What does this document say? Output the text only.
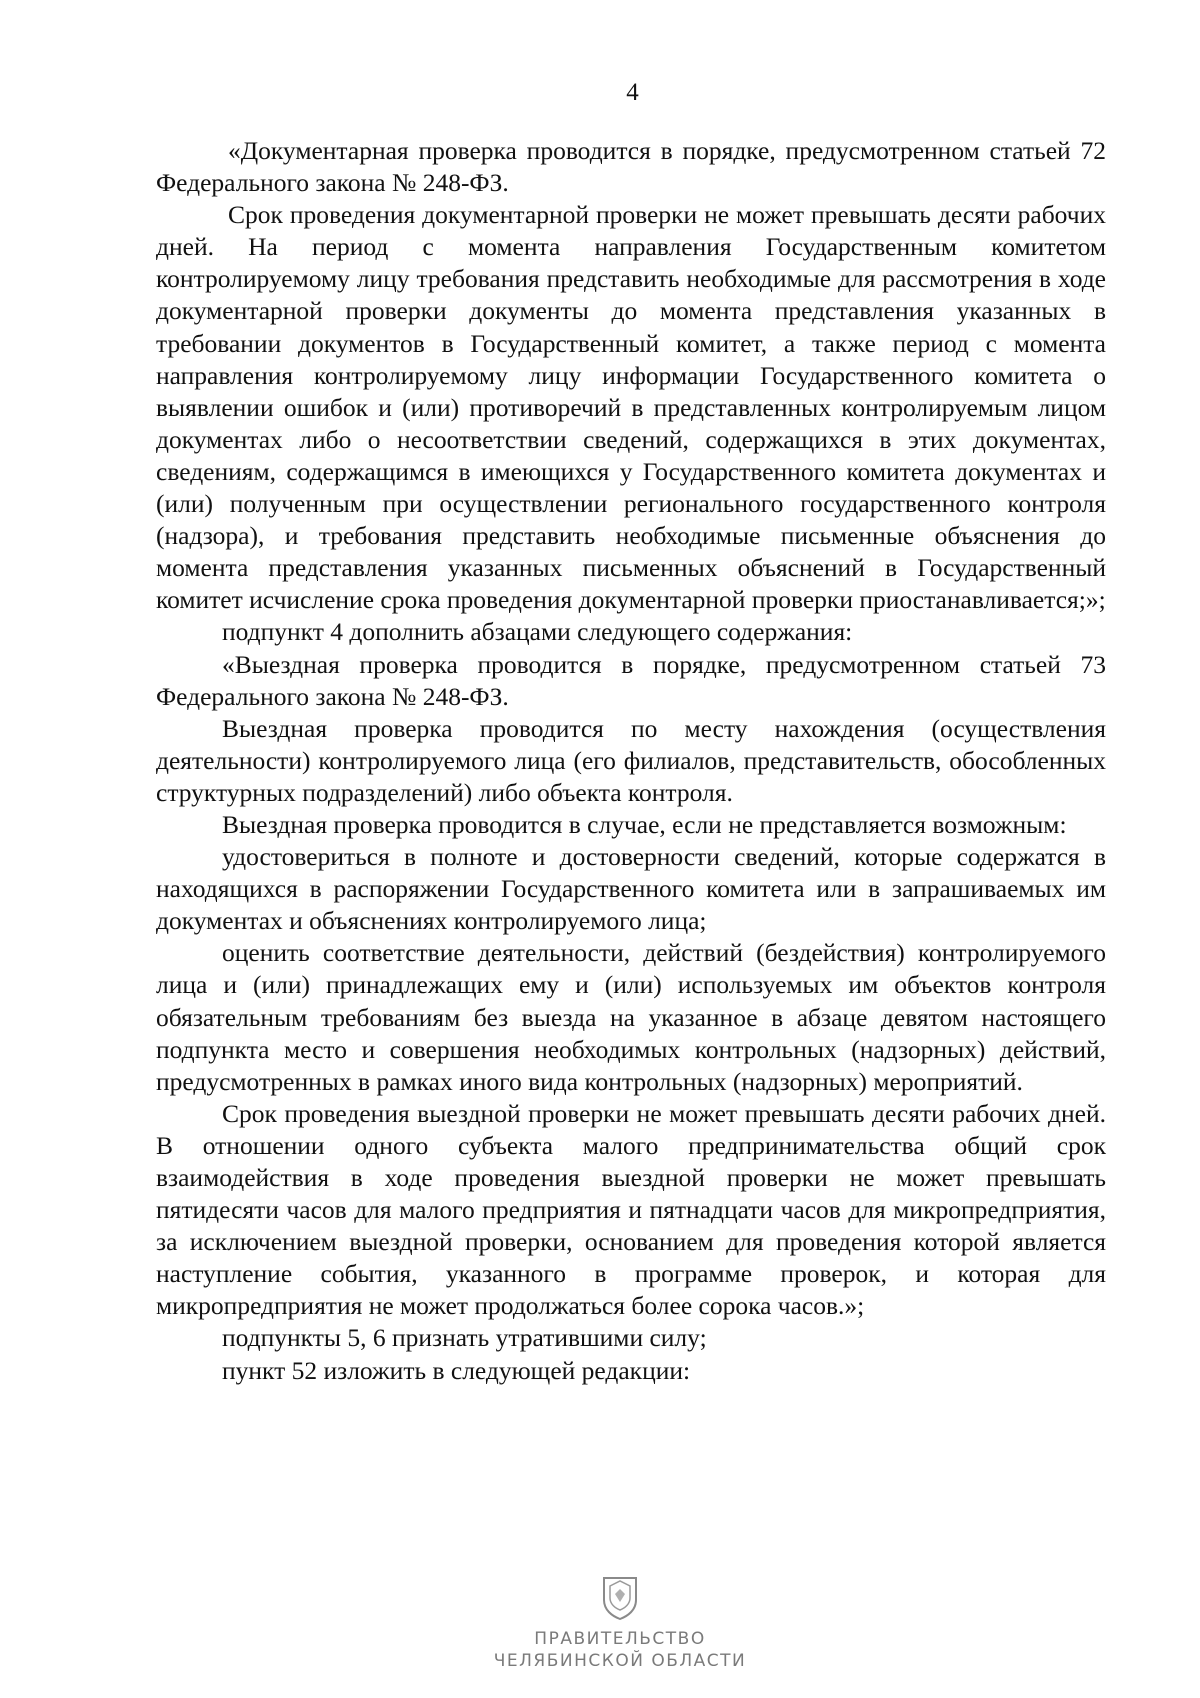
4

«Документарная проверка проводится в порядке, предусмотренном статьей 72 Федерального закона № 248-ФЗ.

Срок проведения документарной проверки не может превышать десяти рабочих дней. На период с момента направления Государственным комитетом контролируемому лицу требования представить необходимые для рассмотрения в ходе документарной проверки документы до момента представления указанных в требовании документов в Государственный комитет, а также период с момента направления контролируемому лицу информации Государственного комитета о выявлении ошибок и (или) противоречий в представленных контролируемым лицом документах либо о несоответствии сведений, содержащихся в этих документах, сведениям, содержащимся в имеющихся у Государственного комитета документах и (или) полученным при осуществлении регионального государственного контроля (надзора), и требования представить необходимые письменные объяснения до момента представления указанных письменных объяснений в Государственный комитет исчисление срока проведения документарной проверки приостанавливается;»;

подпункт 4 дополнить абзацами следующего содержания:

«Выездная проверка проводится в порядке, предусмотренном статьей 73 Федерального закона № 248-ФЗ.

Выездная проверка проводится по месту нахождения (осуществления деятельности) контролируемого лица (его филиалов, представительств, обособленных структурных подразделений) либо объекта контроля.

Выездная проверка проводится в случае, если не представляется возможным:

удостовериться в полноте и достоверности сведений, которые содержатся в находящихся в распоряжении Государственного комитета или в запрашиваемых им документах и объяснениях контролируемого лица;

оценить соответствие деятельности, действий (бездействия) контролируемого лица и (или) принадлежащих ему и (или) используемых им объектов контроля обязательным требованиям без выезда на указанное в абзаце девятом настоящего подпункта место и совершения необходимых контрольных (надзорных) действий, предусмотренных в рамках иного вида контрольных (надзорных) мероприятий.

Срок проведения выездной проверки не может превышать десяти рабочих дней. В отношении одного субъекта малого предпринимательства общий срок взаимодействия в ходе проведения выездной проверки не может превышать пятидесяти часов для малого предприятия и пятнадцати часов для микропредприятия, за исключением выездной проверки, основанием для проведения которой является наступление события, указанного в программе проверок, и которая для микропредприятия не может продолжаться более сорока часов.»;

подпункты 5, 6 признать утратившими силу;

пункт 52 изложить в следующей редакции:

ПРАВИТЕЛЬСТВО
ЧЕЛЯБИНСКОЙ ОБЛАСТИ
